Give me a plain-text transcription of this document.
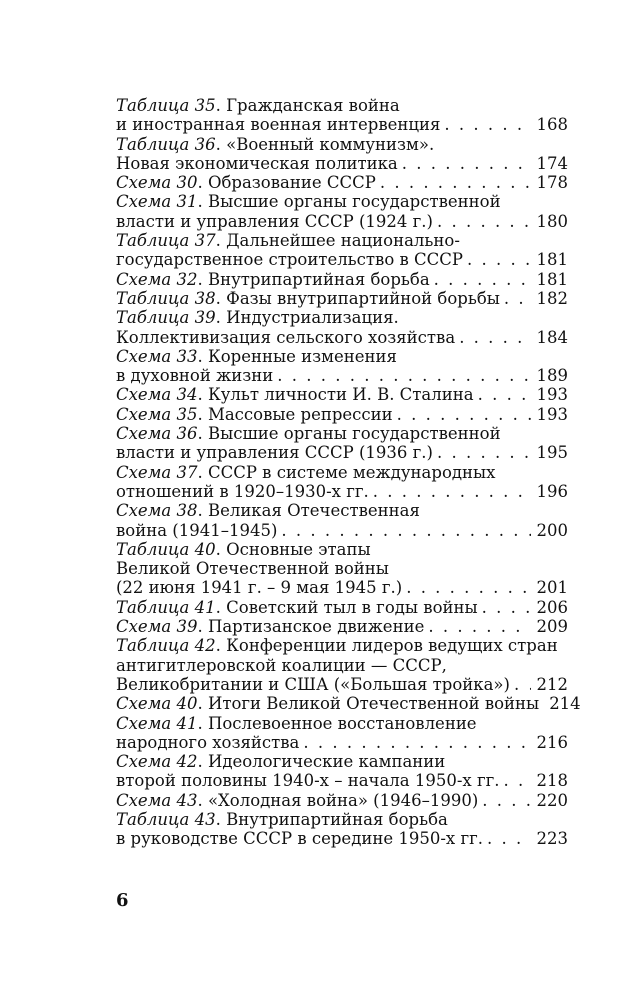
Таблица 35. Гражданская война
и иностранная военная интервенция . . .	168
Таблица 36. «Военный коммунизм».
Новая экономическая политика . . .	174
Схема 30. Образование СССР . . .	178
Схема 31. Высшие органы государственной
власти и управления СССР (1924 г.) . . .	180
Таблица 37. Дальнейшее национально-
государственное строительство в СССР . . .	181
Схема 32. Внутрипартийная борьба . . .	181
Таблица 38. Фазы внутрипартийной борьбы . . . 182
Таблица 39. Индустриализация.
Коллективизация сельского хозяйства . . .	184
Схема 33. Коренные изменения
в духовной жизни . . .	189
Схема 34. Культ личности И. В. Сталина . . .	193
Схема 35. Массовые репрессии . . .	193
Схема 36. Высшие органы государственной
власти и управления СССР (1936 г.) . . .	195
Схема 37. СССР в системе международных
отношений в 1920–1930-х гг. . . .	196
Схема 38. Великая Отечественная
война (1941–1945) . . .	200
Таблица 40. Основные этапы
Великой Отечественной войны
(22 июня 1941 г. – 9 мая 1945 г.) . . .	201
Таблица 41. Советский тыл в годы войны . . .	206
Схема 39. Партизанское движение . . .	209
Таблица 42. Конференции лидеров ведущих стран
антигитлеровской коалиции — СССР,
Великобритании и США («Большая тройка») . . . 212
Схема 40. Итоги Великой Отечественной войны 214
Схема 41. Послевоенное восстановление
народного хозяйства . . .	216
Схема 42. Идеологические кампании
второй половины 1940-х – начала 1950-х гг. . . . 218
Схема 43. «Холодная война» (1946–1990) . . .	220
Таблица 43. Внутрипартийная борьба
в руководстве СССР в середине 1950-х гг. . . .	223
6
